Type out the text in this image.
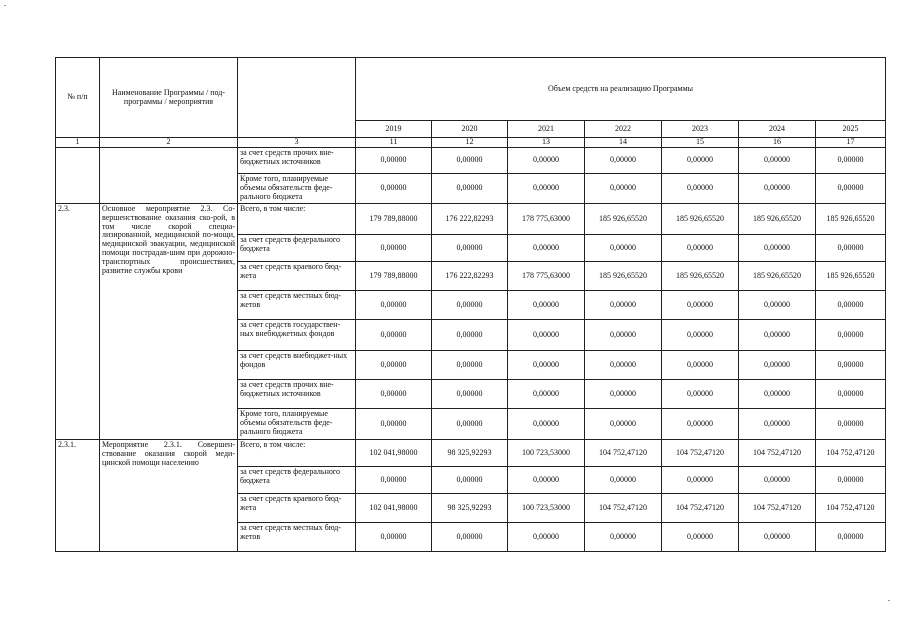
№ п/п	Наименование Программы / под-программы / мероприятия		Объем средств на реализацию Программы						
			2019	2020	2021	2022	2023	2024	2025
1	2	3	11	12	13	14	15	16	17
		за счет средств прочих вне-бюджетных источников	0,00000	0,00000	0,00000	0,00000	0,00000	0,00000	0,00000
		Кроме того, планируемые объемы обязательств феде-рального бюджета	0,00000	0,00000	0,00000	0,00000	0,00000	0,00000	0,00000
2.3.	Основное мероприятие 2.3. Со-вершенствование оказания ско-рой, в том числе скорой специа-лизированной, медицинской по-мощи, медицинской эвакуации, медицинской помощи пострадав-шим при дорожно-транспортных происшествиях, развитие службы крови	Всего, в том числе:	179 789,88000	176 222,82293	178 775,63000	185 926,65520	185 926,65520	185 926,65520	185 926,65520
		за счет средств федерального бюджета	0,00000	0,00000	0,00000	0,00000	0,00000	0,00000	0,00000
		за счет средств краевого бюд-жета	179 789,88000	176 222,82293	178 775,63000	185 926,65520	185 926,65520	185 926,65520	185 926,65520
		за счет средств местных бюд-жетов	0,00000	0,00000	0,00000	0,00000	0,00000	0,00000	0,00000
		за счет средств государствен-ных внебюджетных фондов	0,00000	0,00000	0,00000	0,00000	0,00000	0,00000	0,00000
		за счет средств внебюджет-ных фондов	0,00000	0,00000	0,00000	0,00000	0,00000	0,00000	0,00000
		за счет средств прочих вне-бюджетных источников	0,00000	0,00000	0,00000	0,00000	0,00000	0,00000	0,00000
		Кроме того, планируемые объемы обязательств феде-рального бюджета	0,00000	0,00000	0,00000	0,00000	0,00000	0,00000	0,00000
2.3.1.	Мероприятие 2.3.1. Совершен-ствование оказания скорой меди-цинской помощи населению	Всего, в том числе:	102 041,98000	98 325,92293	100 723,53000	104 752,47120	104 752,47120	104 752,47120	104 752,47120
		за счет средств федерального бюджета	0,00000	0,00000	0,00000	0,00000	0,00000	0,00000	0,00000
		за счет средств краевого бюд-жета	102 041,98000	98 325,92293	100 723,53000	104 752,47120	104 752,47120	104 752,47120	104 752,47120
		за счет средств местных бюд-жетов	0,00000	0,00000	0,00000	0,00000	0,00000	0,00000	0,00000
